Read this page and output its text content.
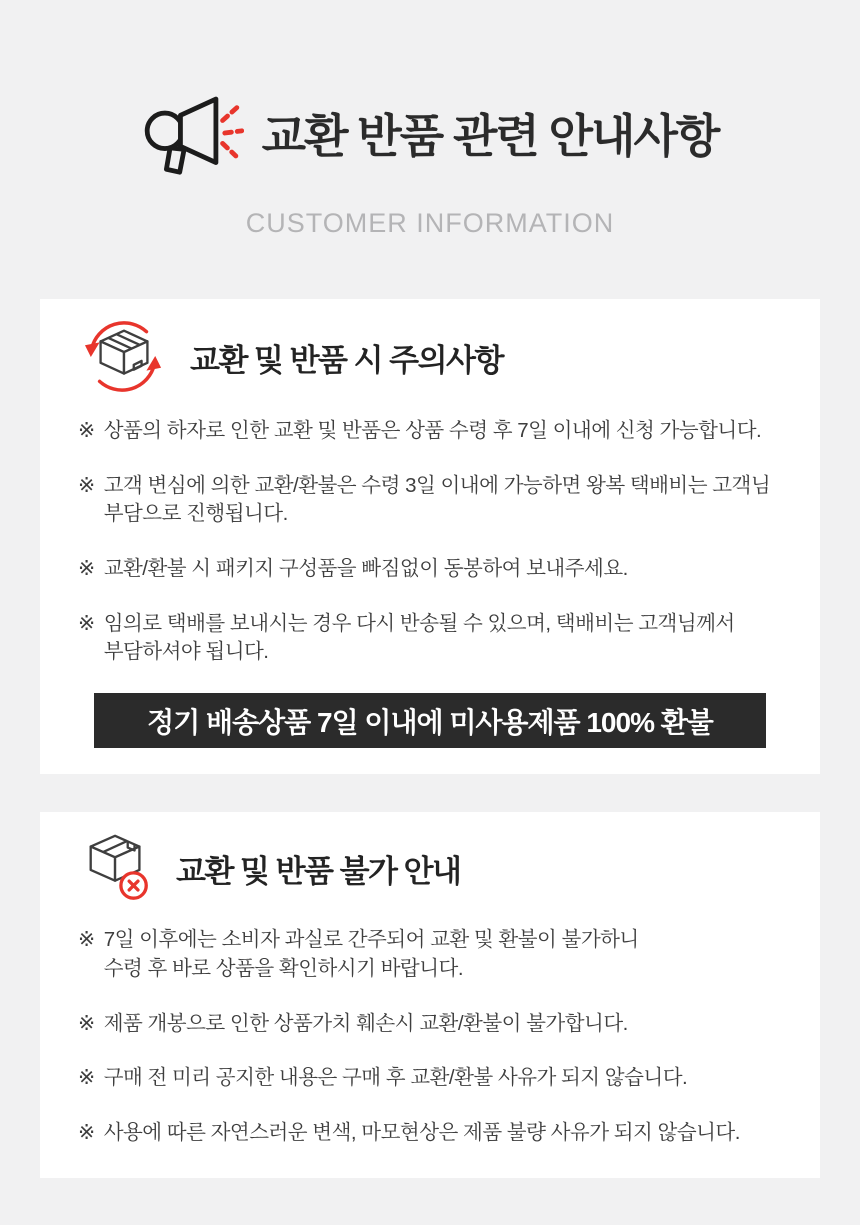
교환 반품 관련 안내사항
CUSTOMER INFORMATION
교환 및 반품 시 주의사항
※ 상품의 하자로 인한 교환 및 반품은 상품 수령 후 7일 이내에 신청 가능합니다.
※ 고객 변심에 의한 교환/환불은 수령 3일 이내에 가능하면 왕복 택배비는 고객님
부담으로 진행됩니다.
※ 교환/환불 시 패키지 구성품을 빠짐없이 동봉하여 보내주세요.
※ 임의로 택배를 보내시는 경우 다시 반송될 수 있으며, 택배비는 고객님께서
부담하셔야 됩니다.
정기 배송상품 7일 이내에 미사용제품 100% 환불
교환 및 반품 불가 안내
※ 7일 이후에는 소비자 과실로 간주되어 교환 및 환불이 불가하니
수령 후 바로 상품을 확인하시기 바랍니다.
※ 제품 개봉으로 인한 상품가치 훼손시 교환/환불이 불가합니다.
※ 구매 전 미리 공지한 내용은 구매 후 교환/환불 사유가 되지 않습니다.
※ 사용에 따른 자연스러운 변색, 마모현상은 제품 불량 사유가 되지 않습니다.
